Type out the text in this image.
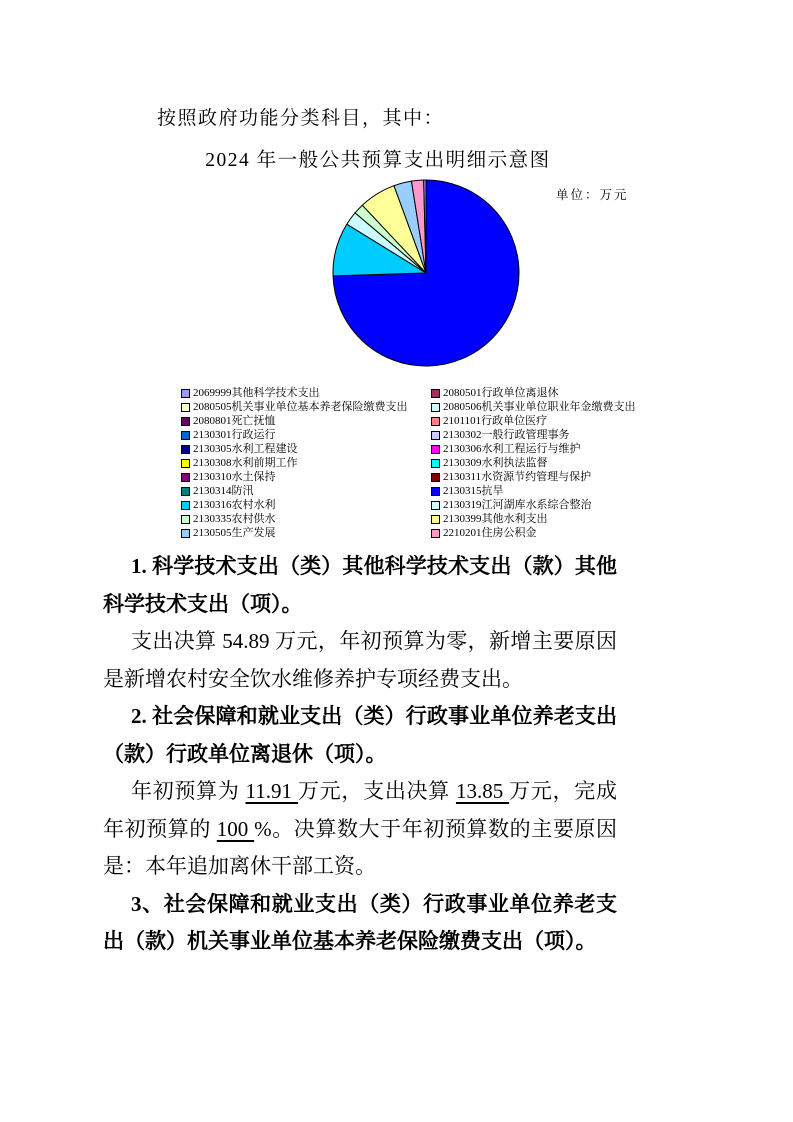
按照政府功能分类科目，其中：
2024 年一般公共预算支出明细示意图
单位：万元
2069999其他科学技术支出	2080501行政单位离退休
2080505机关事业单位基本养老保险缴费支出	2080506机关事业单位职业年金缴费支出
2080801死亡抚恤	2101101行政单位医疗
2130301行政运行	2130302一般行政管理事务
2130305水利工程建设	2130306水利工程运行与维护
2130308水利前期工作	2130309水利执法监督
2130310水土保持	2130311水资源节约管理与保护
2130314防汛	2130315抗旱
2130316农村水利	2130319江河湖库水系综合整治
2130335农村供水	2130399其他水利支出
2130505生产发展	2210201住房公积金

1. 科学技术支出（类）其他科学技术支出（款）其他科学技术支出（项）。

支出决算 54.89 万元，年初预算为零，新增主要原因是新增农村安全饮水维修养护专项经费支出。

2. 社会保障和就业支出（类）行政事业单位养老支出（款）行政单位离退休（项）。

年初预算为 11.91 万元，支出决算 13.85 万元，完成年初预算的 100 %。决算数大于年初预算数的主要原因是：本年追加离休干部工资。

3、社会保障和就业支出（类）行政事业单位养老支出（款）机关事业单位基本养老保险缴费支出（项）。
